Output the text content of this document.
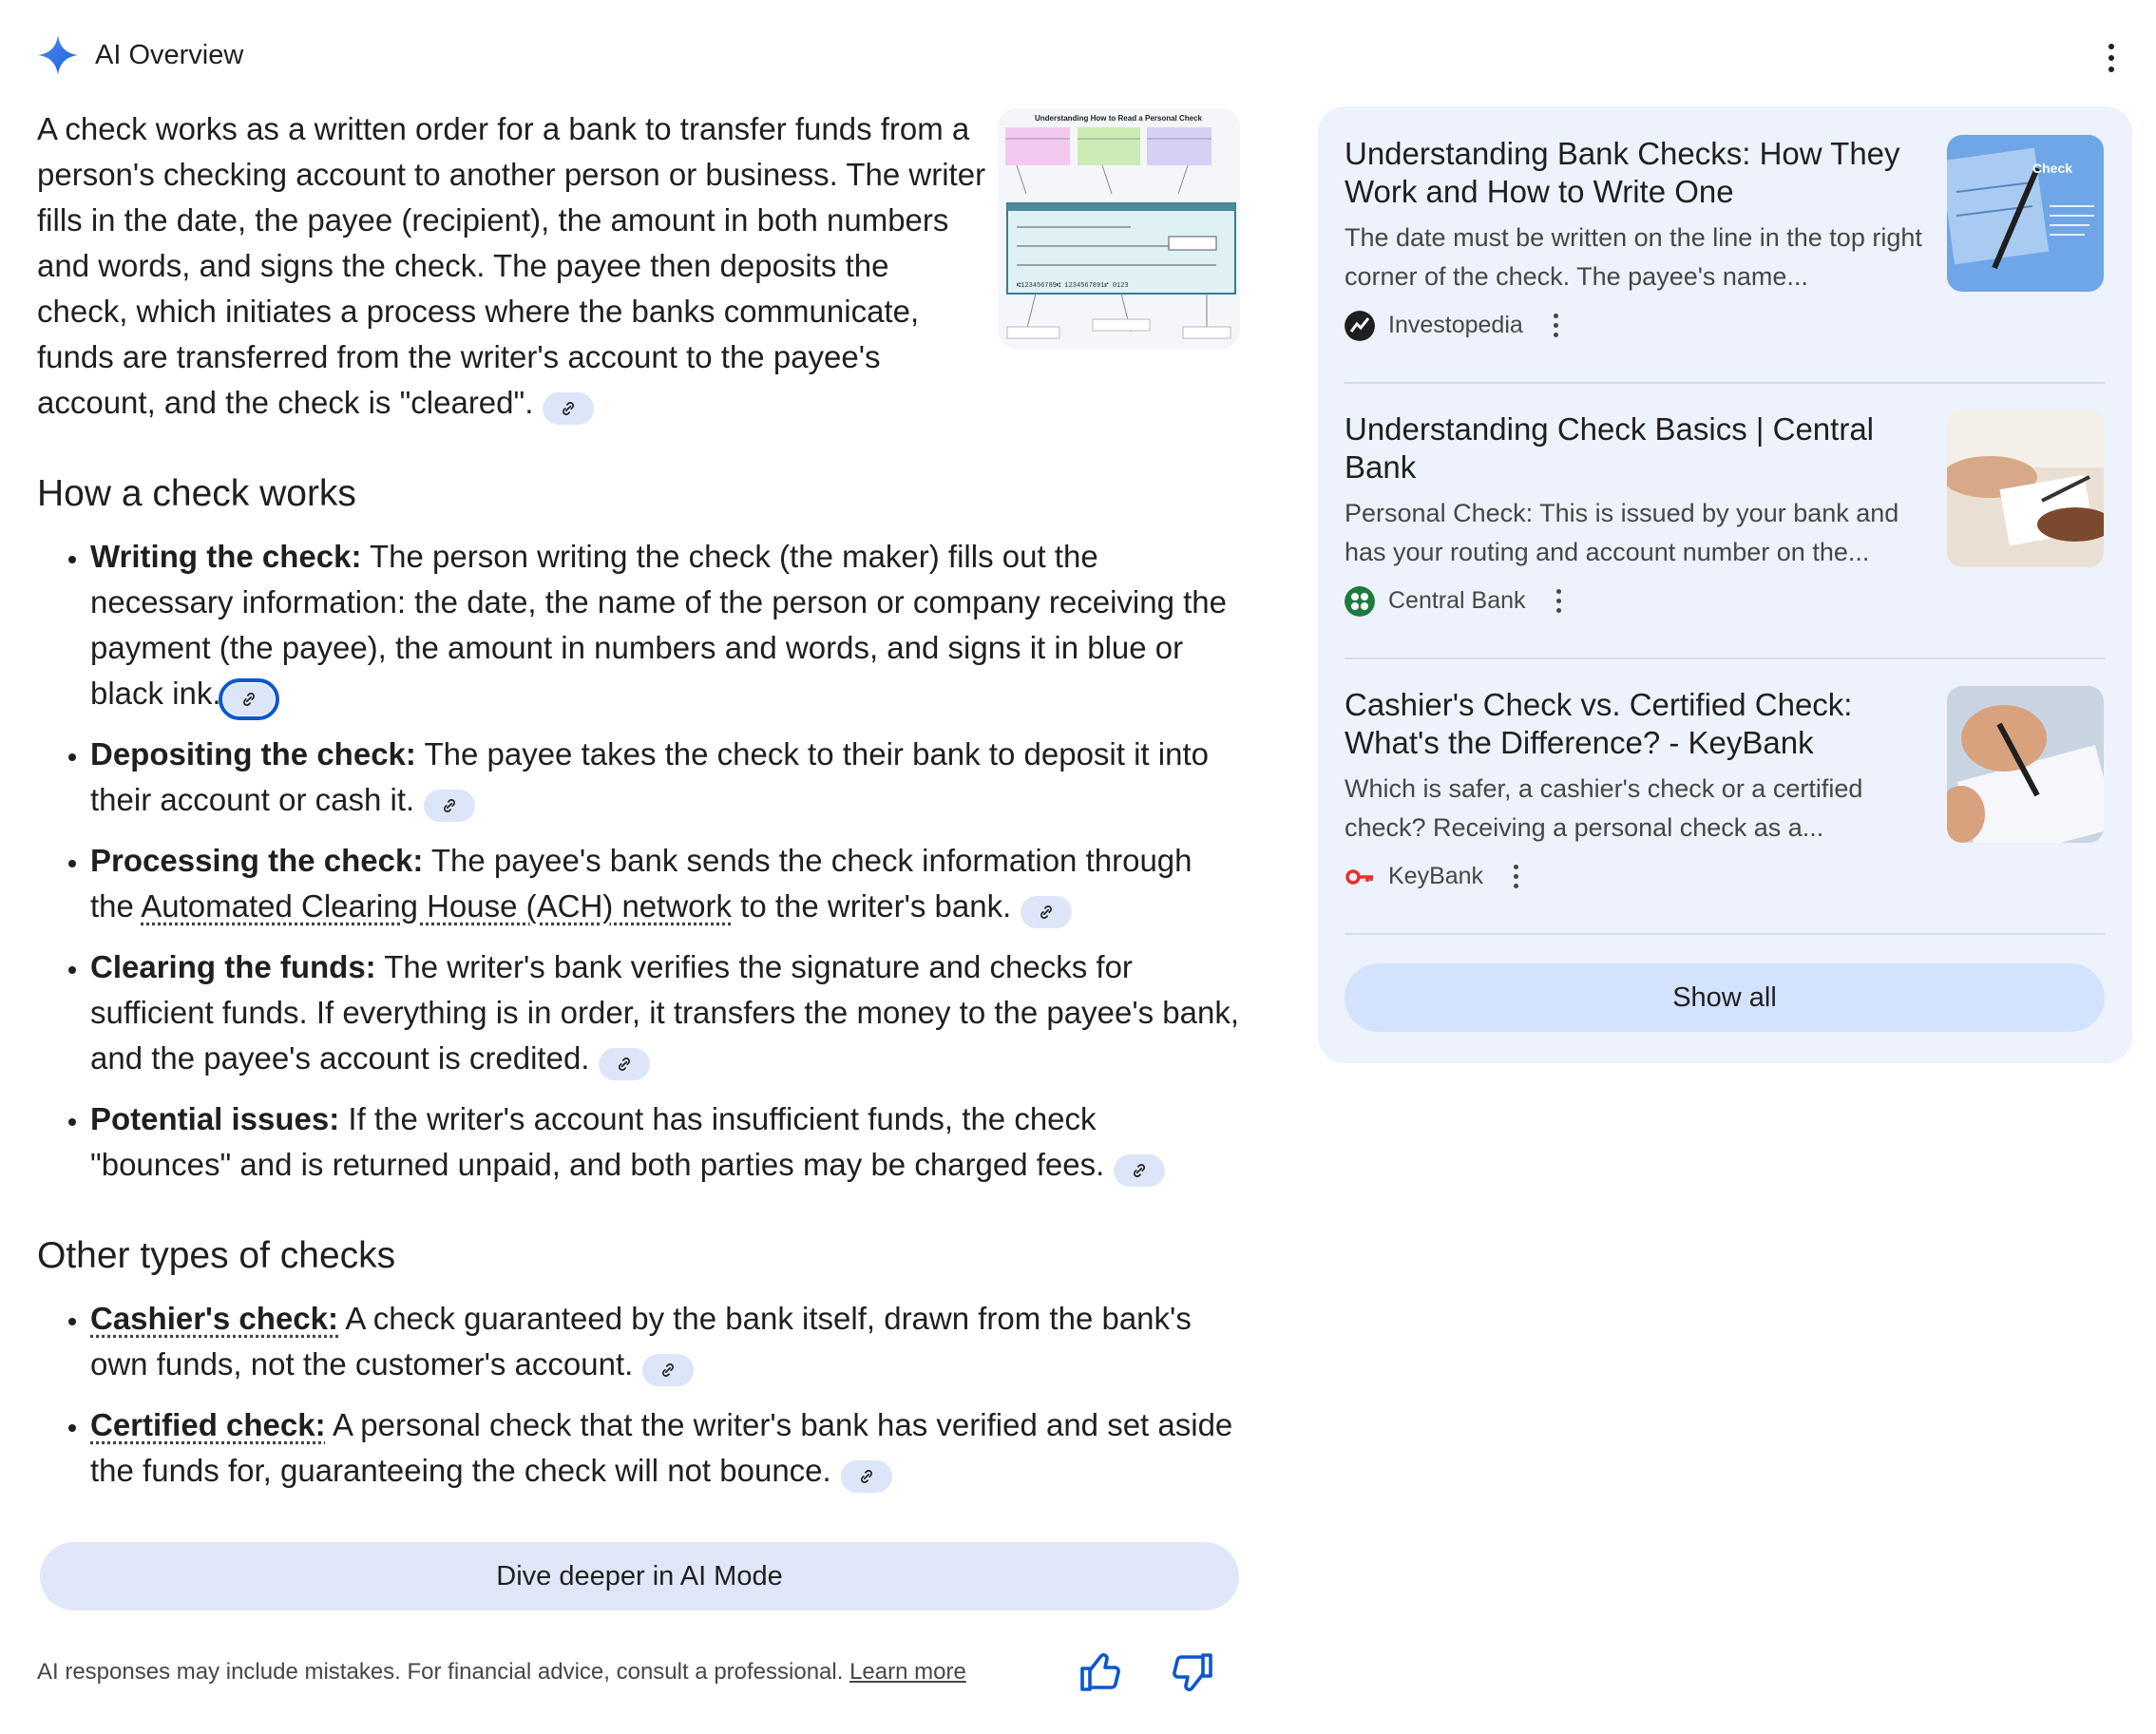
AI Overview

A check works as a written order for a bank to transfer funds from a person's checking account to another person or business. The writer fills in the date, the payee (recipient), the amount in both numbers and words, and signs the check. The payee then deposits the check, which initiates a process where the banks communicate, funds are transferred from the writer's account to the payee's account, and the check is "cleared".

Understanding How to Read a Personal Check
⑆123456789⑆ 1234567891⑈ 0123
How a check works
• Writing the check: The person writing the check (the maker) fills out the necessary information: the date, the name of the person or company receiving the payment (the payee), the amount in numbers and words, and signs it in blue or black ink.
• Depositing the check: The payee takes the check to their bank to deposit it into their account or cash it.
• Processing the check: The payee's bank sends the check information through the Automated Clearing House (ACH) network to the writer's bank.
• Clearing the funds: The writer's bank verifies the signature and checks for sufficient funds. If everything is in order, it transfers the money to the payee's bank, and the payee's account is credited.
• Potential issues: If the writer's account has insufficient funds, the check "bounces" and is returned unpaid, and both parties may be charged fees.
Other types of checks
• Cashier's check: A check guaranteed by the bank itself, drawn from the bank's own funds, not the customer's account.
• Certified check: A personal check that the writer's bank has verified and set aside the funds for, guaranteeing the check will not bounce.
Dive deeper in AI Mode
AI responses may include mistakes. For financial advice, consult a professional. Learn more
Understanding Bank Checks: How They Work and How to Write One
The date must be written on the line in the top right corner of the check. The payee's name...
Investopedia
Check
Understanding Check Basics | Central Bank
Personal Check: This is issued by your bank and has your routing and account number on the...
Central Bank
Cashier's Check vs. Certified Check: What's the Difference? - KeyBank
Which is safer, a cashier's check or a certified check? Receiving a personal check as a...
KeyBank
Show all
